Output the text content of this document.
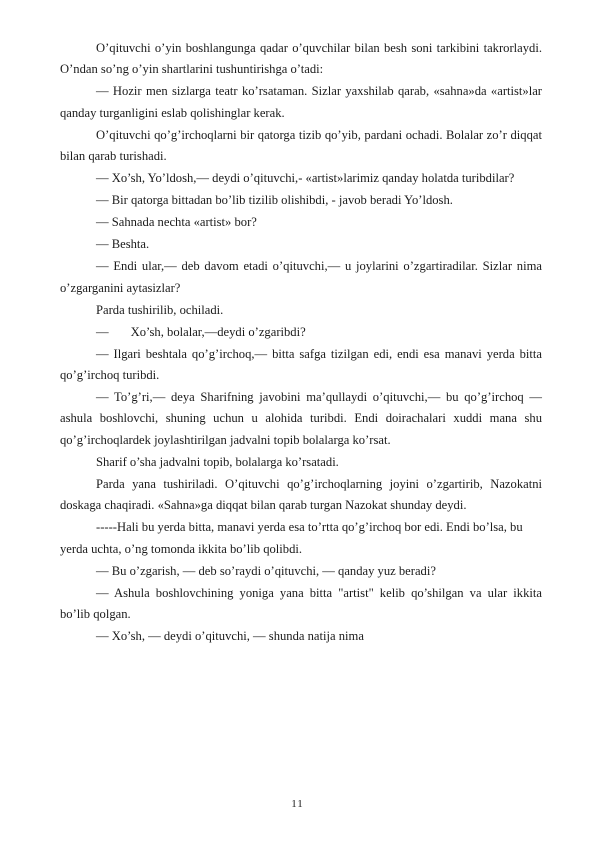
O’qituvchi o’yin boshlangunga qadar o’quvchilar bilan besh soni tarkibini takrorlaydi. O’ndan so’ng o’yin shartlarini tushuntirishga o’tadi:

— Hozir men sizlarga teatr ko’rsataman. Sizlar yaxshilab qarab, «sahna»da «artist»lar qanday turganligini eslab qolishinglar kerak.

O’qituvchi qo’g’irchoqlarni bir qatorga tizib qo’yib, pardani ochadi. Bolalar zo’r diqqat bilan qarab turishadi.

— Xo’sh, Yo’ldosh,— deydi o’qituvchi,- «artist»larimiz qanday holatda turibdilar?

— Bir qatorga bittadan bo’lib tizilib olishibdi, - javob beradi Yo’ldosh.

— Sahnada nechta «artist» bor?

— Beshta.

— Endi ular,— deb davom etadi o’qituvchi,— u joylarini o’zgartiradilar. Sizlar nima o’zgarganini aytasizlar?

Parda tushirilib, ochiladi.

—       Xo’sh, bolalar,—deydi o’zgaribdi?

— Ilgari beshtala qo’g’irchoq,— bitta safga tizilgan edi, endi esa manavi yerda bitta qo’g’irchoq turibdi.

— To’g’ri,— deya Sharifning javobini ma’qullaydi o’qituvchi,— bu qo’g’irchoq — ashula boshlovchi, shuning uchun u alohida turibdi. Endi doirachalari xuddi mana shu qo’g’irchoqlardek joylashtirilgan jadvalni topib bolalarga ko’rsat.

Sharif o’sha jadvalni topib, bolalarga ko’rsatadi.

Parda yana tushiriladi. O’qituvchi qo’g’irchoqlarning joyini o’zgartirib, Nazokatni doskaga chaqiradi. «Sahna»ga diqqat bilan qarab turgan Nazokat shunday deydi.

-----Hali bu yerda bitta, manavi yerda esa to’rtta qo’g’irchoq bor edi. Endi bo’lsa, bu yerda uchta, o’ng tomonda ikkita bo’lib qolibdi.

— Bu o’zgarish, — deb so’raydi o’qituvchi, — qanday yuz beradi?

— Ashula boshlovchining yoniga yana bitta "artist" kelib qo’shilgan va ular ikkita bo’lib qolgan.

— Xo’sh, — deydi o’qituvchi, — shunda natija nima

11
